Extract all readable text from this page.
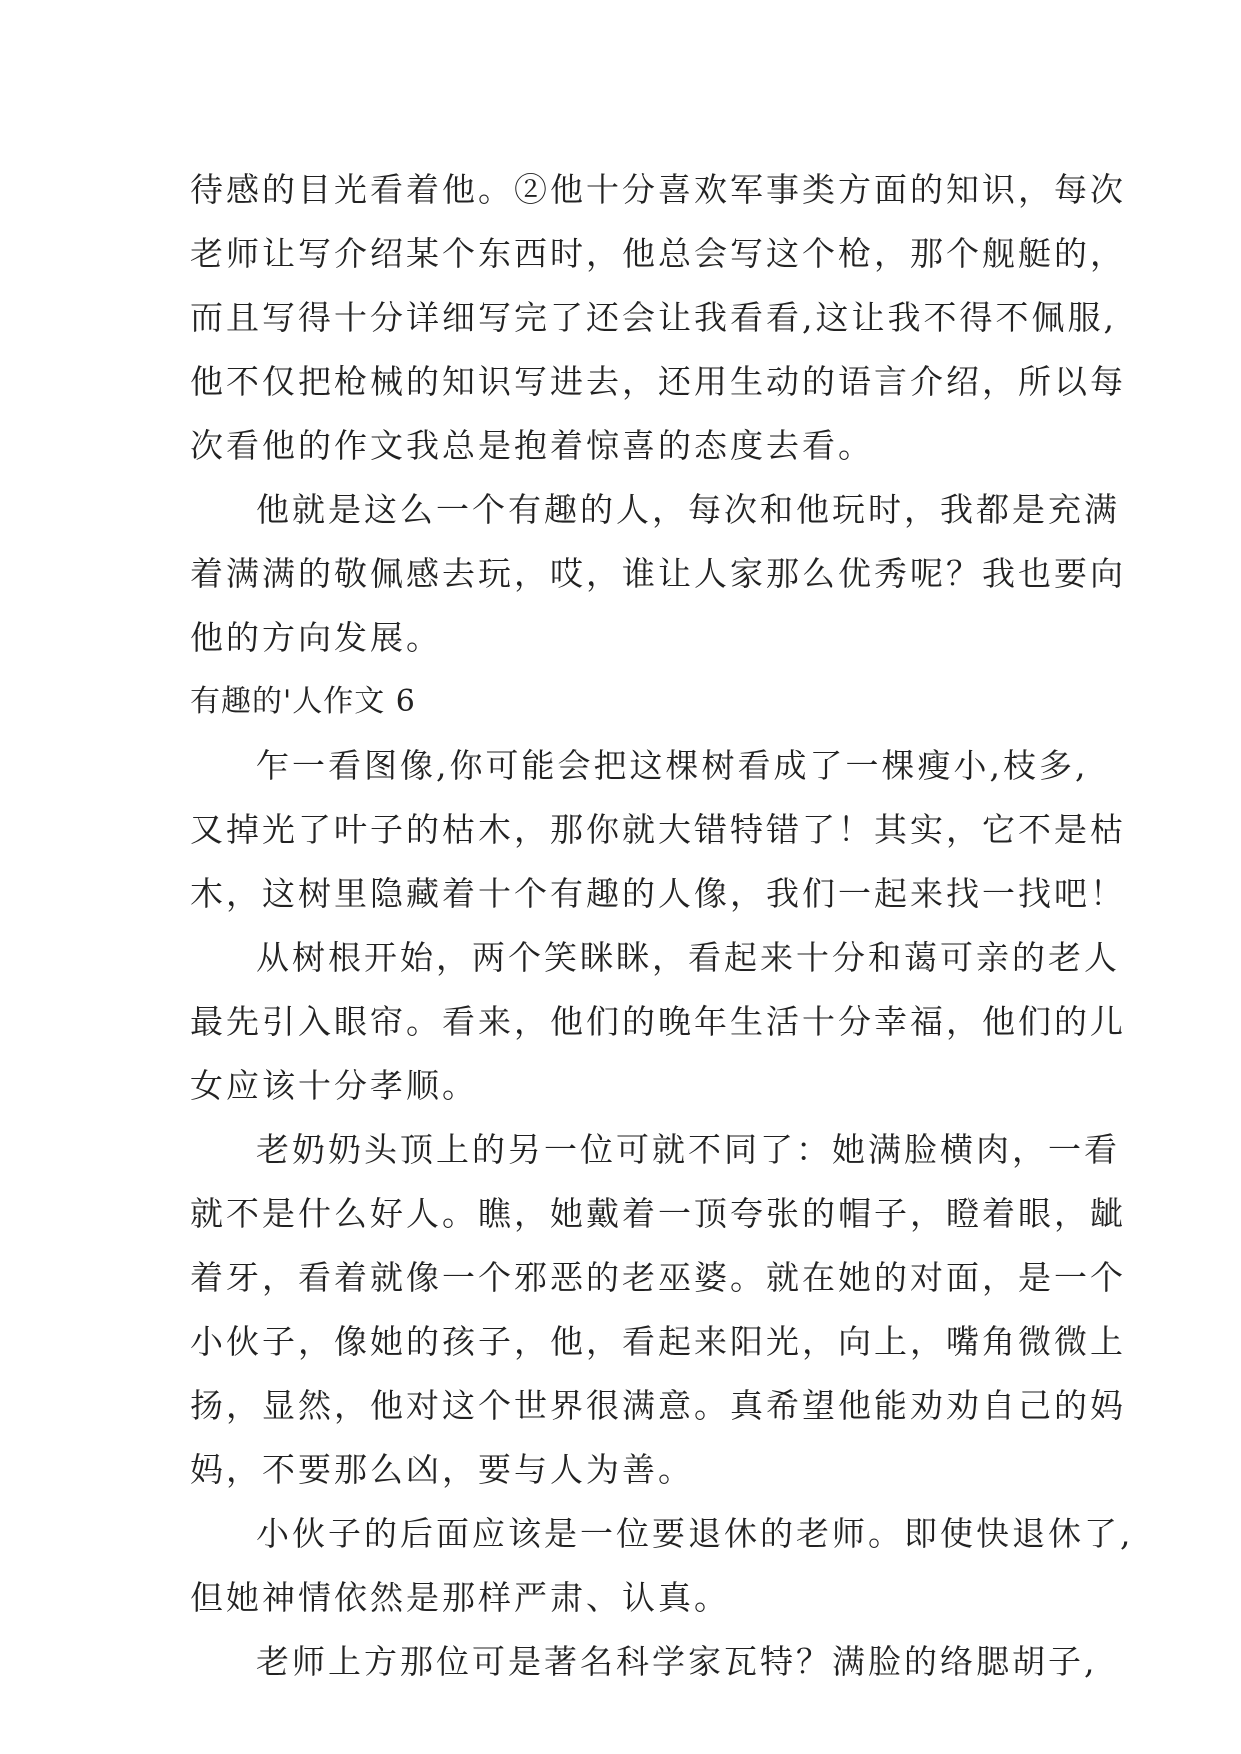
待感的目光看着他。②他十分喜欢军事类方面的知识，每次
老师让写介绍某个东西时，他总会写这个枪，那个舰艇的，
而且写得十分详细写完了还会让我看看,这让我不得不佩服,
他不仅把枪械的知识写进去，还用生动的语言介绍，所以每
次看他的作文我总是抱着惊喜的态度去看。
他就是这么一个有趣的人，每次和他玩时，我都是充满
着满满的敬佩感去玩，哎，谁让人家那么优秀呢？我也要向
他的方向发展。
有趣的'人作文 6
乍一看图像,你可能会把这棵树看成了一棵瘦小,枝多,
又掉光了叶子的枯木，那你就大错特错了！其实，它不是枯
木，这树里隐藏着十个有趣的人像，我们一起来找一找吧！
从树根开始，两个笑眯眯，看起来十分和蔼可亲的老人
最先引入眼帘。看来，他们的晚年生活十分幸福，他们的儿
女应该十分孝顺。
老奶奶头顶上的另一位可就不同了：她满脸横肉，一看
就不是什么好人。瞧，她戴着一顶夸张的帽子，瞪着眼，龇
着牙，看着就像一个邪恶的老巫婆。就在她的对面，是一个
小伙子，像她的孩子，他，看起来阳光，向上，嘴角微微上
扬，显然，他对这个世界很满意。真希望他能劝劝自己的妈
妈，不要那么凶，要与人为善。
小伙子的后面应该是一位要退休的老师。即使快退休了,
但她神情依然是那样严肃、认真。
老师上方那位可是著名科学家瓦特？满脸的络腮胡子,
